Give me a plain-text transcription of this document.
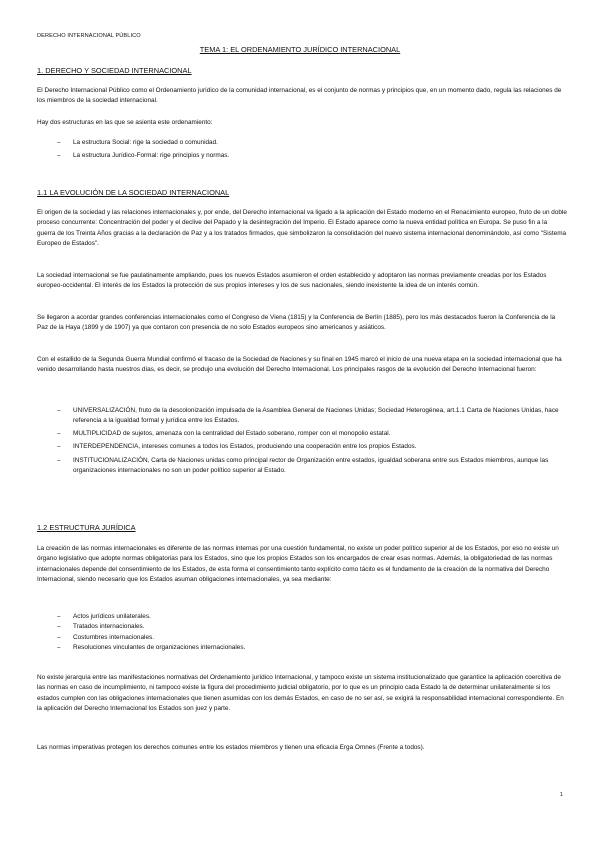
DERECHO INTERNACIONAL PÚBLICO
TEMA 1: EL ORDENAMIENTO JURÍDICO INTERNACIONAL
1. DERECHO Y SOCIEDAD INTERNACIONAL

El Derecho Internacional Público como el Ordenamiento jurídico de la comunidad internacional, es el conjunto de normas y principios que, en un momento dado, regula las relaciones de los miembros de la sociedad internacional.

Hay dos estructuras en las que se asienta este ordenamiento:

– La estructura Social: rige la sociedad o comunidad.
– La estructura Jurídico-Formal: rige principios y normas.
1.1 LA EVOLUCIÓN DE LA SOCIEDAD INTERNACIONAL

El origen de la sociedad y las relaciones internacionales y, por ende, del Derecho internacional va ligado a la aplicación del Estado moderno en el Renacimiento europeo, fruto de un doble proceso concurrente: Concentración del poder y el declive del Papado y la desintegración del Imperio. El Estado aparece como la nueva entidad política en Europa. Se puso fin a la guerra de los Treinta Años gracias a la declaración de Paz y a los tratados firmados, que simbolizaron la consolidación del nuevo sistema internacional denominándolo, así como "Sistema Europeo de Estados".

La sociedad internacional se fue paulatinamente ampliando, pues los nuevos Estados asumieron el orden establecido y adoptaron las normas previamente creadas por los Estados europeo-occidental. El interés de los Estados la protección de sus propios intereses y los de sus nacionales, siendo inexistente la idea de un interés común.

Se llegaron a acordar grandes conferencias internacionales como el Congreso de Viena (1815) y la Conferencia de Berlín (1885), pero los más destacados fueron la Conferencia de la Paz de la Haya (1899 y de 1907) ya que contaron con presencia de no solo Estados europeos sino americanos y asiáticos.

Con el estallido de la Segunda Guerra Mundial confirmó el fracaso de la Sociedad de Naciones y su final en 1945 marcó el inicio de una nueva etapa en la sociedad internacional que ha venido desarrollando hasta nuestros días, es decir, se produjo una evolución del Derecho Internacional. Los principales rasgos de la evolución del Derecho Internacional fueron:

– UNIVERSALIZACIÓN, fruto de la descolonización impulsada de la Asamblea General de Naciones Unidas; Sociedad Heterogénea, art.1.1 Carta de Naciones Unidas, hace referencia a la igualdad formal y jurídica entre los Estados.
– MULTIPLICIDAD de sujetos, amenaza con la centralidad del Estado soberano, romper con el monopolio estatal.
– INTERDEPENDENCIA, intereses comunes a todos los Estados, produciendo una cooperación entre los propios Estados.
– INSTITUCIONALIZACIÓN, Carta de Naciones unidas como principal rector de Organización entre estados, igualdad soberana entre sus Estados miembros, aunque las organizaciones internacionales no son un poder político superior al Estado.
1.2 ESTRUCTURA JURÍDICA

La creación de las normas internacionales es diferente de las normas internas por una cuestión fundamental, no existe un poder político superior al de los Estados, por eso no existe un órgano legislativo que adopte normas obligatorias para los Estados, sino que los propios Estados son los encargados de crear esas normas. Además, la obligatoriedad de las normas internacionales depende del consentimiento de los Estados, de esta forma el consentimiento tanto explícito como tácito es el fundamento de la creación de la normativa del Derecho Internacional, siendo necesario que los Estados asuman obligaciones internacionales, ya sea mediante:

– Actos jurídicos unilaterales.
– Tratados internacionales.
– Costumbres internacionales.
– Resoluciones vinculantes de organizaciones internacionales.

No existe jerarquía entre las manifestaciones normativas del Ordenamiento jurídico Internacional, y tampoco existe un sistema institucionalizado que garantice la aplicación coercitiva de las normas en caso de incumplimiento, ni tampoco existe la figura del procedimiento judicial obligatorio, por lo que es un principio cada Estado la de determinar unilateralmente si los estados cumplen con las obligaciones internacionales que tienen asumidas con los demás Estados, en caso de no ser así, se exigirá la responsabilidad internacional correspondiente. En la aplicación del Derecho Internacional los Estados son juez y parte.

Las normas imperativas protegen los derechos comunes entre los estados miembros y tienen una eficacia Erga Omnes (Frente a todos).

1
